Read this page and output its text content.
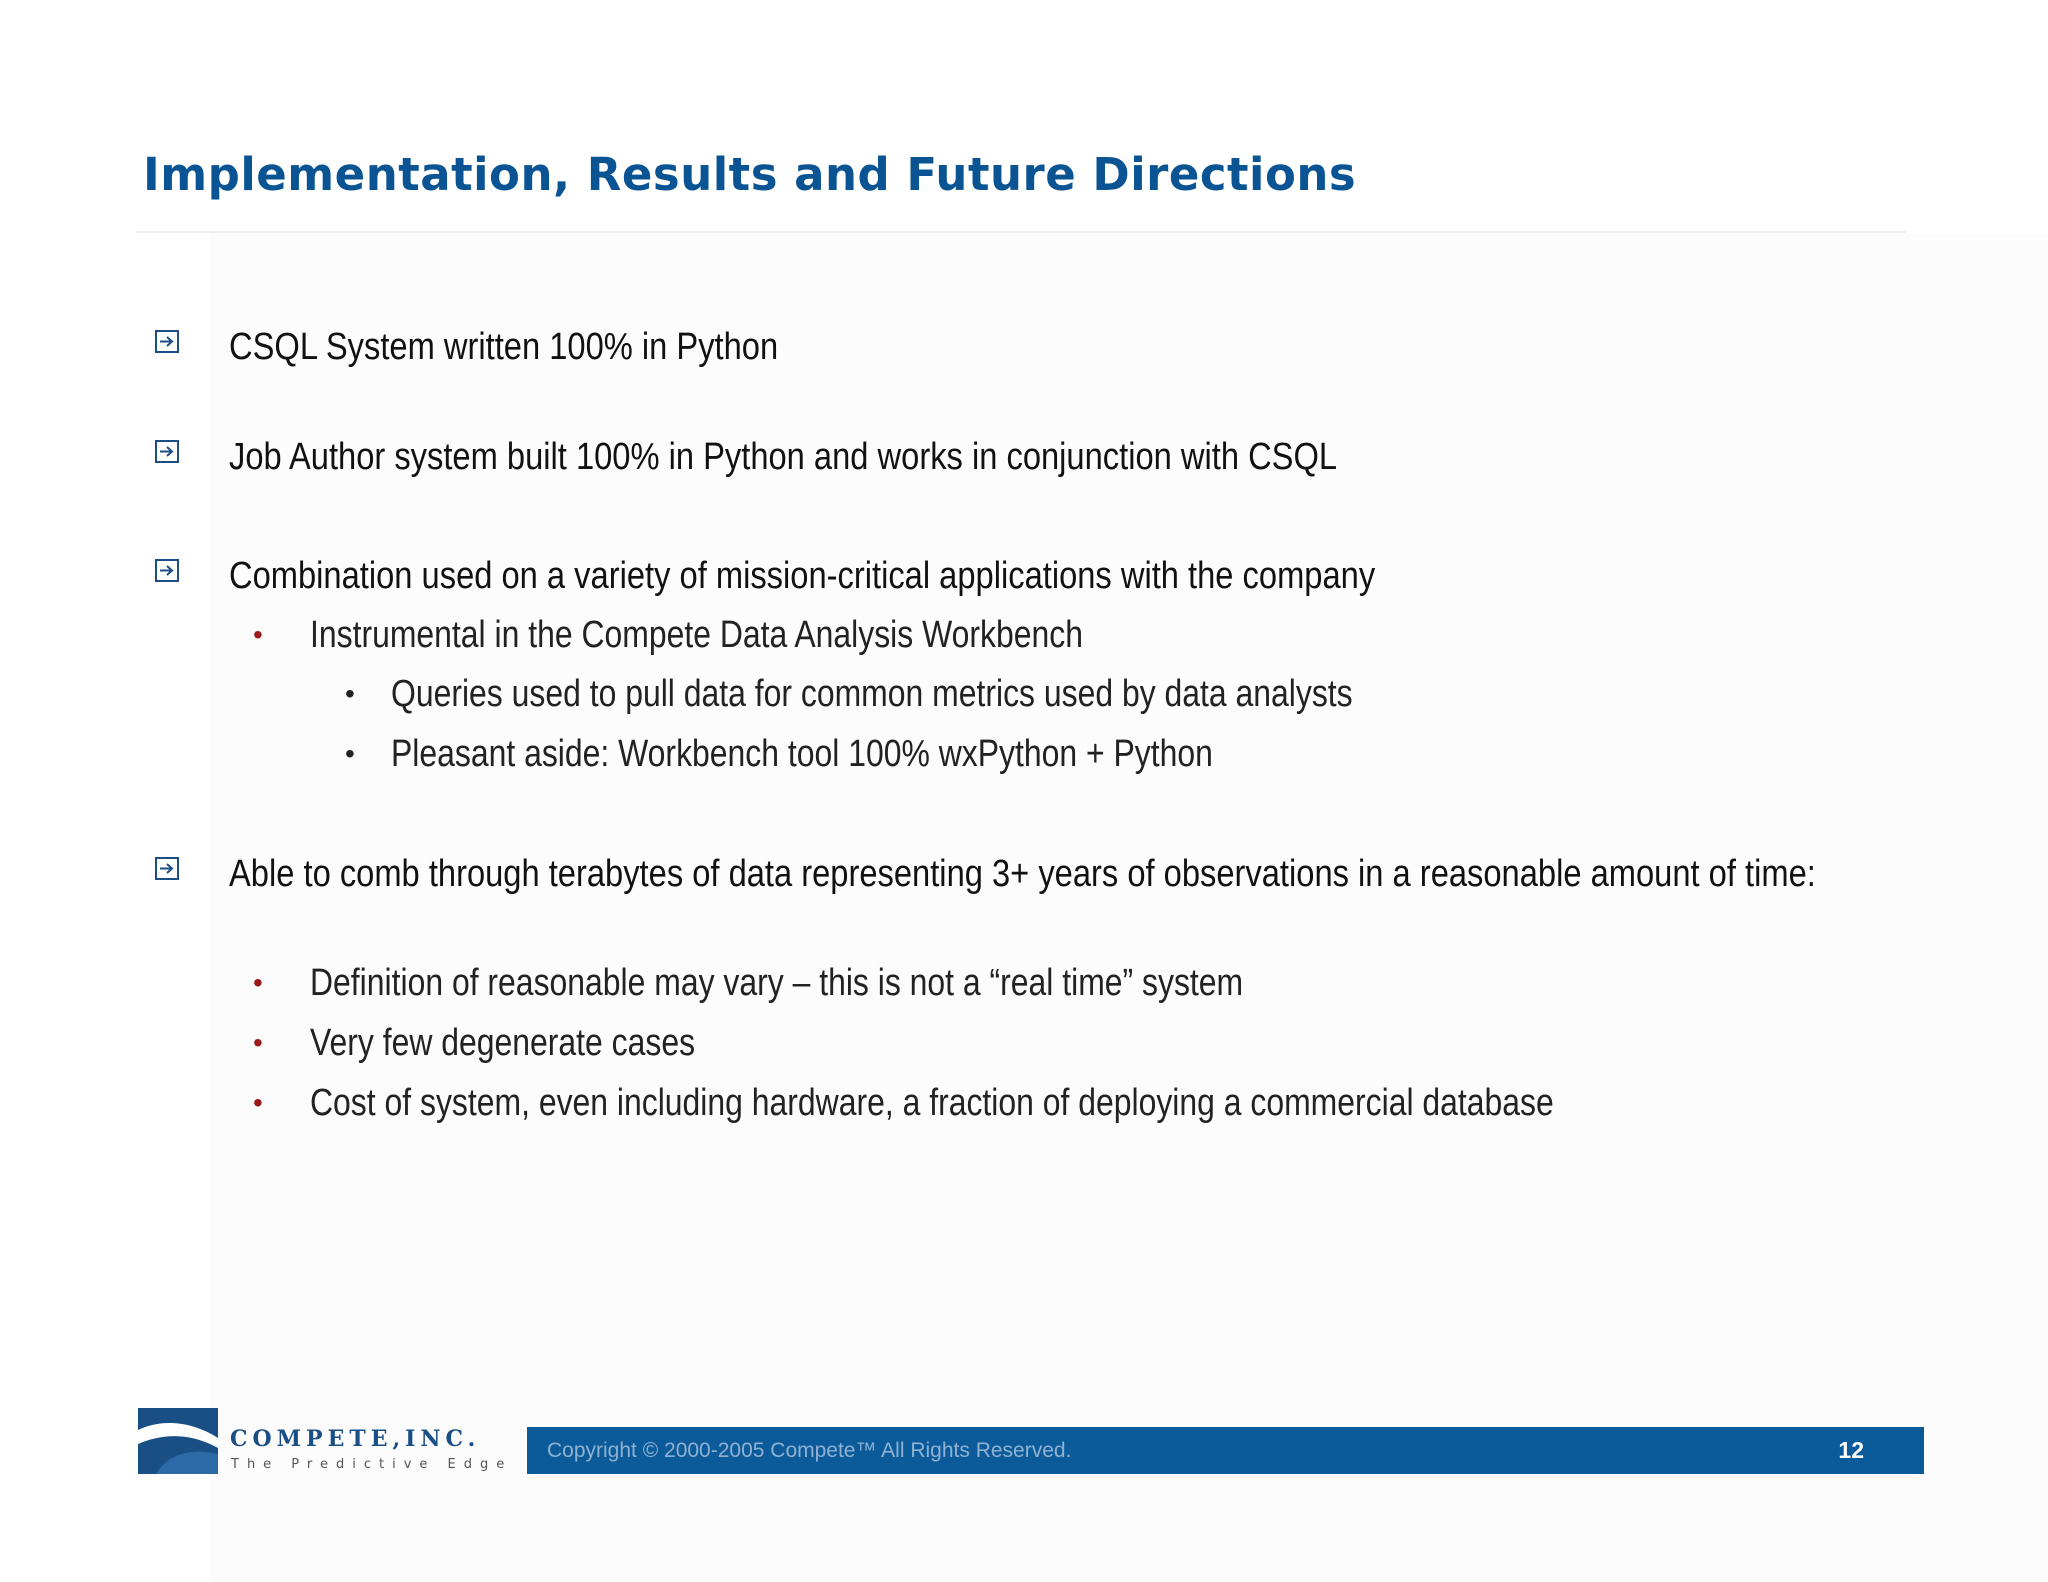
Implementation, Results and Future Directions
CSQL System written 100% in Python
Job Author system built 100% in Python and works in conjunction with CSQL
Combination used on a variety of mission-critical applications with the company
• Instrumental in the Compete Data Analysis Workbench
• Queries used to pull data for common metrics used by data analysts
• Pleasant aside: Workbench tool 100% wxPython + Python
Able to comb through terabytes of data representing 3+ years of observations in a reasonable amount of time:
• Definition of reasonable may vary – this is not a “real time” system
• Very few degenerate cases
• Cost of system, even including hardware, a fraction of deploying a commercial database
COMPETE,INC.
The Predictive Edge
Copyright © 2000-2005 Compete™ All Rights Reserved.	12
